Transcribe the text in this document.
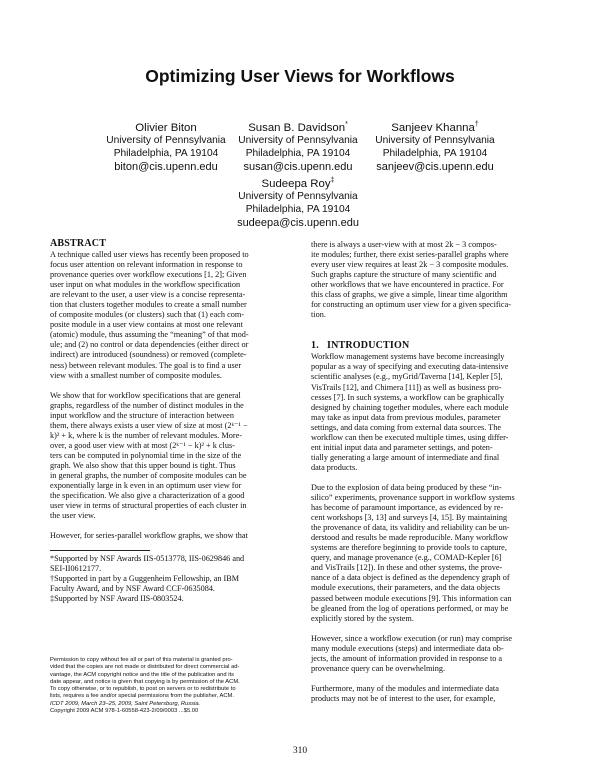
Optimizing User Views for Workflows
Olivier Biton
University of Pennsylvania
Philadelphia, PA 19104
biton@cis.upenn.edu
Susan B. Davidson*
University of Pennsylvania
Philadelphia, PA 19104
susan@cis.upenn.edu
Sanjeev Khanna†
University of Pennsylvania
Philadelphia, PA 19104
sanjeev@cis.upenn.edu
Sudeepa Roy‡
University of Pennsylvania
Philadelphia, PA 19104
sudeepa@cis.upenn.edu
ABSTRACT

A technique called user views has recently been proposed to
focus user attention on relevant information in response to
provenance queries over workflow executions [1, 2]; Given
user input on what modules in the workflow specification
are relevant to the user, a user view is a concise representa-
tion that clusters together modules to create a small number
of composite modules (or clusters) such that (1) each com-
posite module in a user view contains at most one relevant
(atomic) module, thus assuming the “meaning” of that mod-
ule; and (2) no control or data dependencies (either direct or
indirect) are introduced (soundness) or removed (complete-
ness) between relevant modules. The goal is to find a user
view with a smallest number of composite modules.

We show that for workflow specifications that are general
graphs, regardless of the number of distinct modules in the
input workflow and the structure of interaction between
them, there always exists a user view of size at most (2ᵏ⁻¹ −
k)² + k, where k is the number of relevant modules. More-
over, a good user view with at most (2ᵏ⁻¹ − k)² + k clus-
ters can be computed in polynomial time in the size of the
graph. We also show that this upper bound is tight. Thus
in general graphs, the number of composite modules can be
exponentially large in k even in an optimum user view for
the specification. We also give a characterization of a good
user view in terms of structural properties of each cluster in
the user view.

However, for series-parallel workflow graphs, we show that

*Supported by NSF Awards IIS-0513778, IIS-0629846 and
SEI-II0612177.
†Supported in part by a Guggenheim Fellowship, an IBM
Faculty Award, and by NSF Award CCF-0635084.
‡Supported by NSF Award IIS-0803524.
Permission to copy without fee all or part of this material is granted pro-
vided that the copies are not made or distributed for direct commercial ad-
vantage, the ACM copyright notice and the title of the publication and its
date appear, and notice is given that copying is by permission of the ACM.
To copy otherwise, or to republish, to post on servers or to redistribute to
lists, requires a fee and/or special permissions from the publisher, ACM.
ICDT 2009, March 23–25, 2009, Saint Petersburg, Russia.
Copyright 2009 ACM 978-1-60558-423-2/09/0003 ...$5.00

there is always a user-view with at most 2k − 3 compos-
ite modules; further, there exist series-parallel graphs where
every user view requires at least 2k − 3 composite modules.
Such graphs capture the structure of many scientific and
other workflows that we have encountered in practice. For
this class of graphs, we give a simple, linear time algorithm
for constructing an optimum user view for a given specifica-
tion.

1.   INTRODUCTION

Workflow management systems have become increasingly
popular as a way of specifying and executing data-intensive
scientific analyses (e.g., myGrid/Taverna [14], Kepler [5],
VisTrails [12], and Chimera [11]) as well as business pro-
cesses [7]. In such systems, a workflow can be graphically
designed by chaining together modules, where each module
may take as input data from previous modules, parameter
settings, and data coming from external data sources. The
workflow can then be executed multiple times, using differ-
ent initial input data and parameter settings, and poten-
tially generating a large amount of intermediate and final
data products.

Due to the explosion of data being produced by these “in-
silico” experiments, provenance support in workflow systems
has become of paramount importance, as evidenced by re-
cent workshops [3, 13] and surveys [4, 15]. By maintaining
the provenance of data, its validity and reliability can be un-
derstood and results be made reproducible. Many workflow
systems are therefore beginning to provide tools to capture,
query, and manage provenance (e.g., COMAD-Kepler [6]
and VisTrails [12]). In these and other systems, the prove-
nance of a data object is defined as the dependency graph of
module executions, their parameters, and the data objects
passed between module executions [9]. This information can
be gleaned from the log of operations performed, or may be
explicitly stored by the system.

However, since a workflow execution (or run) may comprise
many module executions (steps) and intermediate data ob-
jects, the amount of information provided in response to a
provenance query can be overwhelming.

Furthermore, many of the modules and intermediate data
products may not be of interest to the user, for example,

310
